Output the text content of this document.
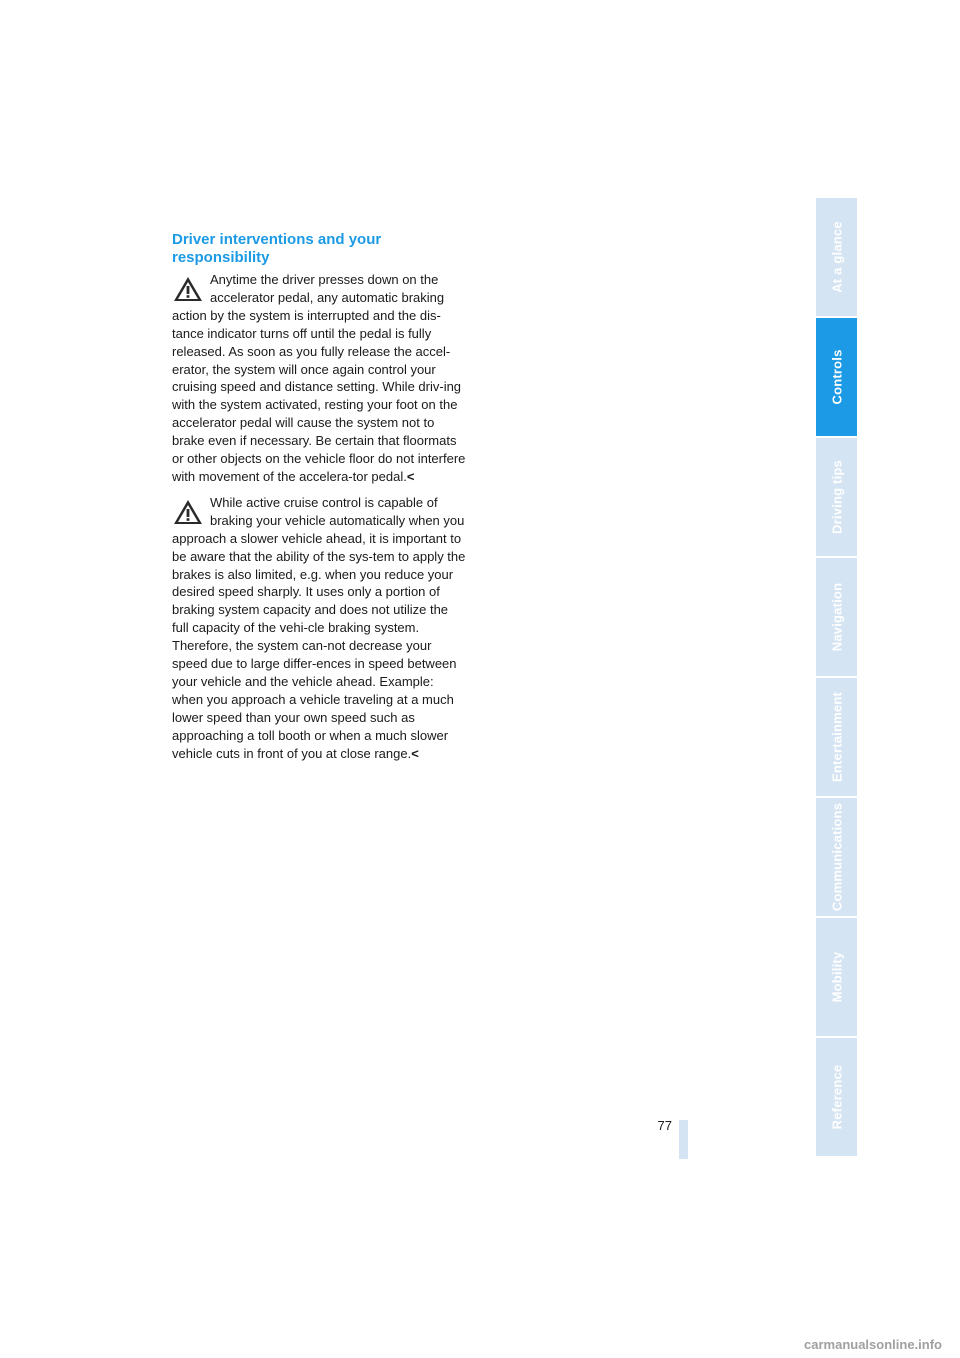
Driver interventions and your responsibility
Anytime the driver presses down on the accelerator pedal, any automatic braking action by the system is interrupted and the dis-tance indicator turns off until the pedal is fully released. As soon as you fully release the accel-erator, the system will once again control your cruising speed and distance setting. While driv-ing with the system activated, resting your foot on the accelerator pedal will cause the system not to brake even if necessary. Be certain that floormats or other objects on the vehicle floor do not interfere with movement of the accelera-tor pedal.<
While active cruise control is capable of braking your vehicle automatically when you approach a slower vehicle ahead, it is important to be aware that the ability of the sys-tem to apply the brakes is also limited, e.g. when you reduce your desired speed sharply. It uses only a portion of braking system capacity and does not utilize the full capacity of the vehi-cle braking system. Therefore, the system can-not decrease your speed due to large differ-ences in speed between your vehicle and the vehicle ahead. Example: when you approach a vehicle traveling at a much lower speed than your own speed such as approaching a toll booth or when a much slower vehicle cuts in front of you at close range.<
At a glance
Controls
Driving tips
Navigation
Entertainment
Communications
Mobility
Reference
77
carmanualsonline.info
